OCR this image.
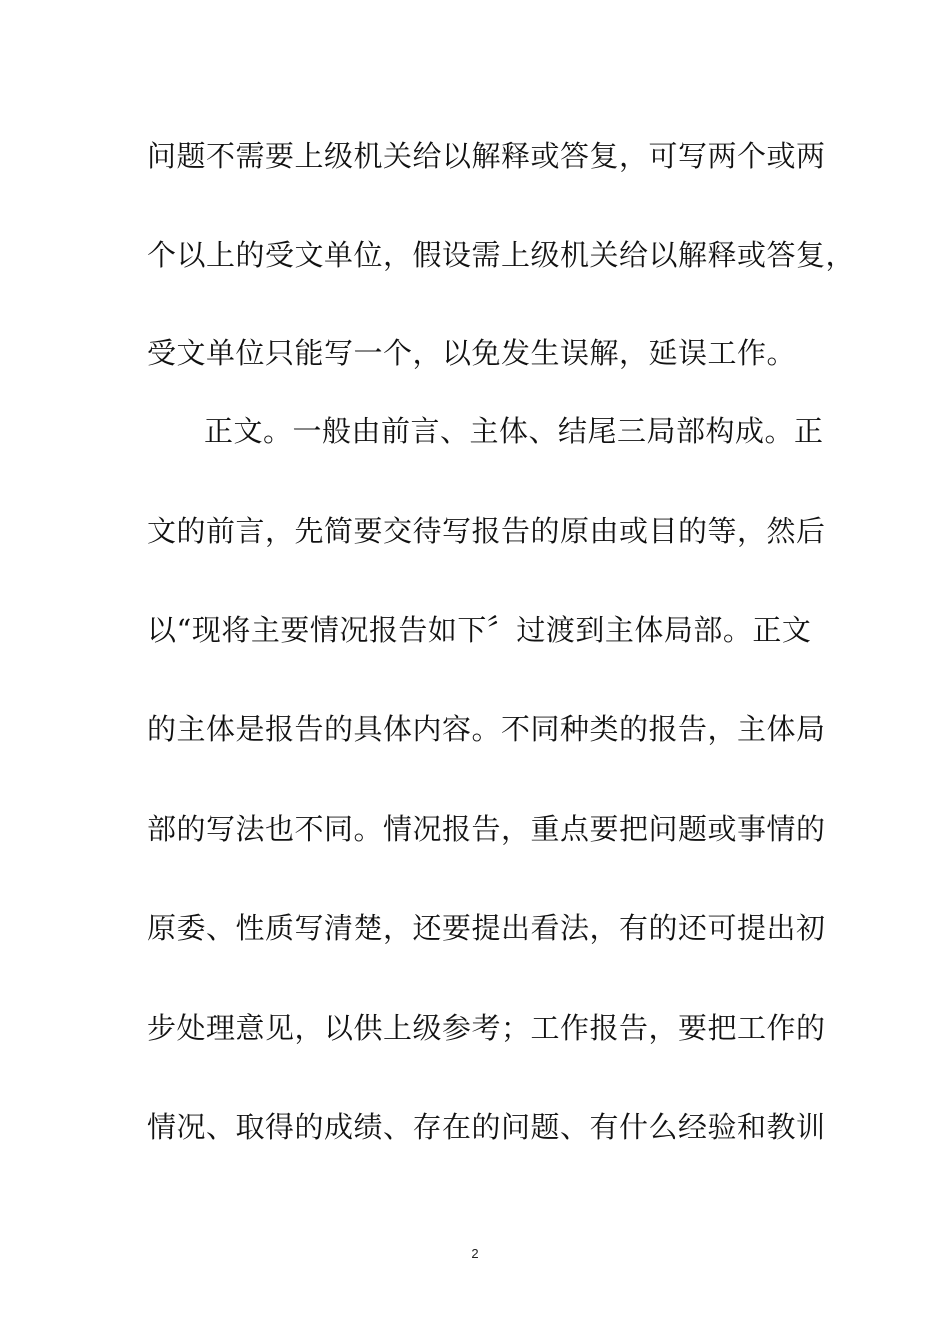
问题不需要上级机关给以解释或答复，可写两个或两
个以上的受文单位，假设需上级机关给以解释或答复，
受文单位只能写一个，以免发生误解，延误工作。
正文。一般由前言、主体、结尾三局部构成。正
文的前言，先简要交待写报告的原由或目的等，然后
以“现将主要情况报告如下〞过渡到主体局部。正文
的主体是报告的具体内容。不同种类的报告，主体局
部的写法也不同。情况报告，重点要把问题或事情的
原委、性质写清楚，还要提出看法，有的还可提出初
步处理意见，以供上级参考；工作报告，要把工作的
情况、取得的成绩、存在的问题、有什么经验和教训
2
